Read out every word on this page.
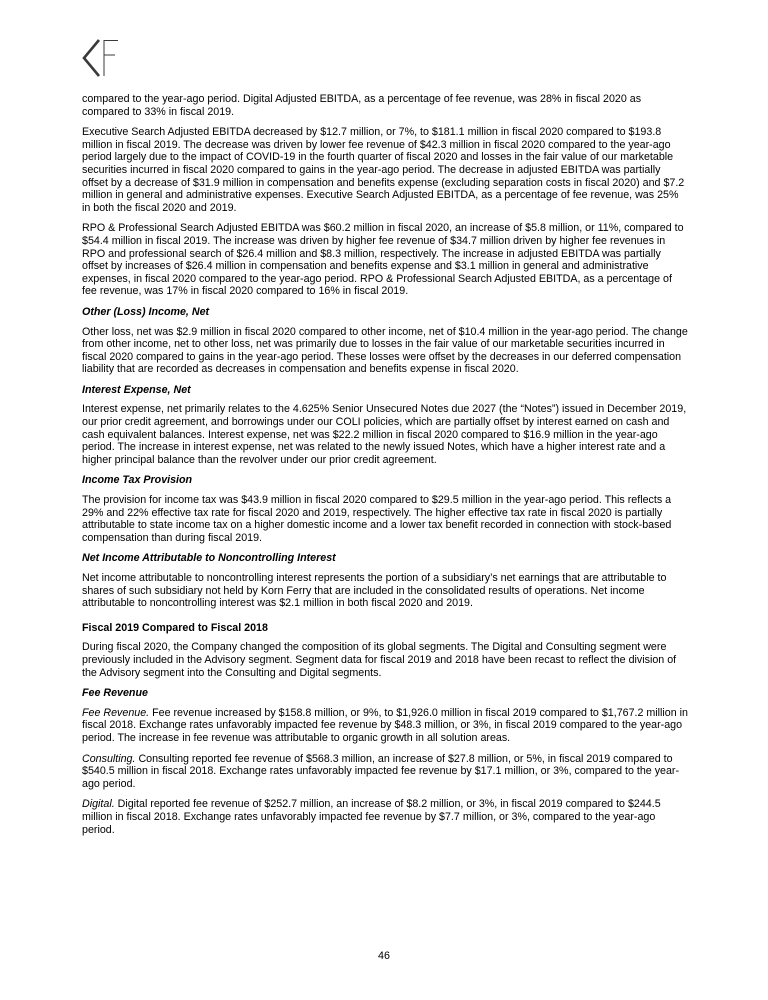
compared to the year-ago period. Digital Adjusted EBITDA, as a percentage of fee revenue, was 28% in fiscal 2020 as compared to 33% in fiscal 2019.

Executive Search Adjusted EBITDA decreased by $12.7 million, or 7%, to $181.1 million in fiscal 2020 compared to $193.8 million in fiscal 2019. The decrease was driven by lower fee revenue of $42.3 million in fiscal 2020 compared to the year-ago period largely due to the impact of COVID-19 in the fourth quarter of fiscal 2020 and losses in the fair value of our marketable securities incurred in fiscal 2020 compared to gains in the year-ago period. The decrease in adjusted EBITDA was partially offset by a decrease of $31.9 million in compensation and benefits expense (excluding separation costs in fiscal 2020) and $7.2 million in general and administrative expenses. Executive Search Adjusted EBITDA, as a percentage of fee revenue, was 25% in both the fiscal 2020 and 2019.

RPO & Professional Search Adjusted EBITDA was $60.2 million in fiscal 2020, an increase of $5.8 million, or 11%, compared to $54.4 million in fiscal 2019. The increase was driven by higher fee revenue of $34.7 million driven by higher fee revenues in RPO and professional search of $26.4 million and $8.3 million, respectively. The increase in adjusted EBITDA was partially offset by increases of $26.4 million in compensation and benefits expense and $3.1 million in general and administrative expenses, in fiscal 2020 compared to the year-ago period. RPO & Professional Search Adjusted EBITDA, as a percentage of fee revenue, was 17% in fiscal 2020 compared to 16% in fiscal 2019.

Other (Loss) Income, Net

Other loss, net was $2.9 million in fiscal 2020 compared to other income, net of $10.4 million in the year-ago period. The change from other income, net to other loss, net was primarily due to losses in the fair value of our marketable securities incurred in fiscal 2020 compared to gains in the year-ago period. These losses were offset by the decreases in our deferred compensation liability that are recorded as decreases in compensation and benefits expense in fiscal 2020.

Interest Expense, Net

Interest expense, net primarily relates to the 4.625% Senior Unsecured Notes due 2027 (the “Notes”) issued in December 2019, our prior credit agreement, and borrowings under our COLI policies, which are partially offset by interest earned on cash and cash equivalent balances. Interest expense, net was $22.2 million in fiscal 2020 compared to $16.9 million in the year-ago period. The increase in interest expense, net was related to the newly issued Notes, which have a higher interest rate and a higher principal balance than the revolver under our prior credit agreement.

Income Tax Provision

The provision for income tax was $43.9 million in fiscal 2020 compared to $29.5 million in the year-ago period. This reflects a 29% and 22% effective tax rate for fiscal 2020 and 2019, respectively. The higher effective tax rate in fiscal 2020 is partially attributable to state income tax on a higher domestic income and a lower tax benefit recorded in connection with stock-based compensation than during fiscal 2019.

Net Income Attributable to Noncontrolling Interest

Net income attributable to noncontrolling interest represents the portion of a subsidiary’s net earnings that are attributable to shares of such subsidiary not held by Korn Ferry that are included in the consolidated results of operations. Net income attributable to noncontrolling interest was $2.1 million in both fiscal 2020 and 2019.

Fiscal 2019 Compared to Fiscal 2018

During fiscal 2020, the Company changed the composition of its global segments. The Digital and Consulting segment were previously included in the Advisory segment. Segment data for fiscal 2019 and 2018 have been recast to reflect the division of the Advisory segment into the Consulting and Digital segments.

Fee Revenue

Fee Revenue. Fee revenue increased by $158.8 million, or 9%, to $1,926.0 million in fiscal 2019 compared to $1,767.2 million in fiscal 2018. Exchange rates unfavorably impacted fee revenue by $48.3 million, or 3%, in fiscal 2019 compared to the year-ago period. The increase in fee revenue was attributable to organic growth in all solution areas.

Consulting. Consulting reported fee revenue of $568.3 million, an increase of $27.8 million, or 5%, in fiscal 2019 compared to $540.5 million in fiscal 2018. Exchange rates unfavorably impacted fee revenue by $17.1 million, or 3%, compared to the year-ago period.

Digital. Digital reported fee revenue of $252.7 million, an increase of $8.2 million, or 3%, in fiscal 2019 compared to $244.5 million in fiscal 2018. Exchange rates unfavorably impacted fee revenue by $7.7 million, or 3%, compared to the year-ago period.

46
